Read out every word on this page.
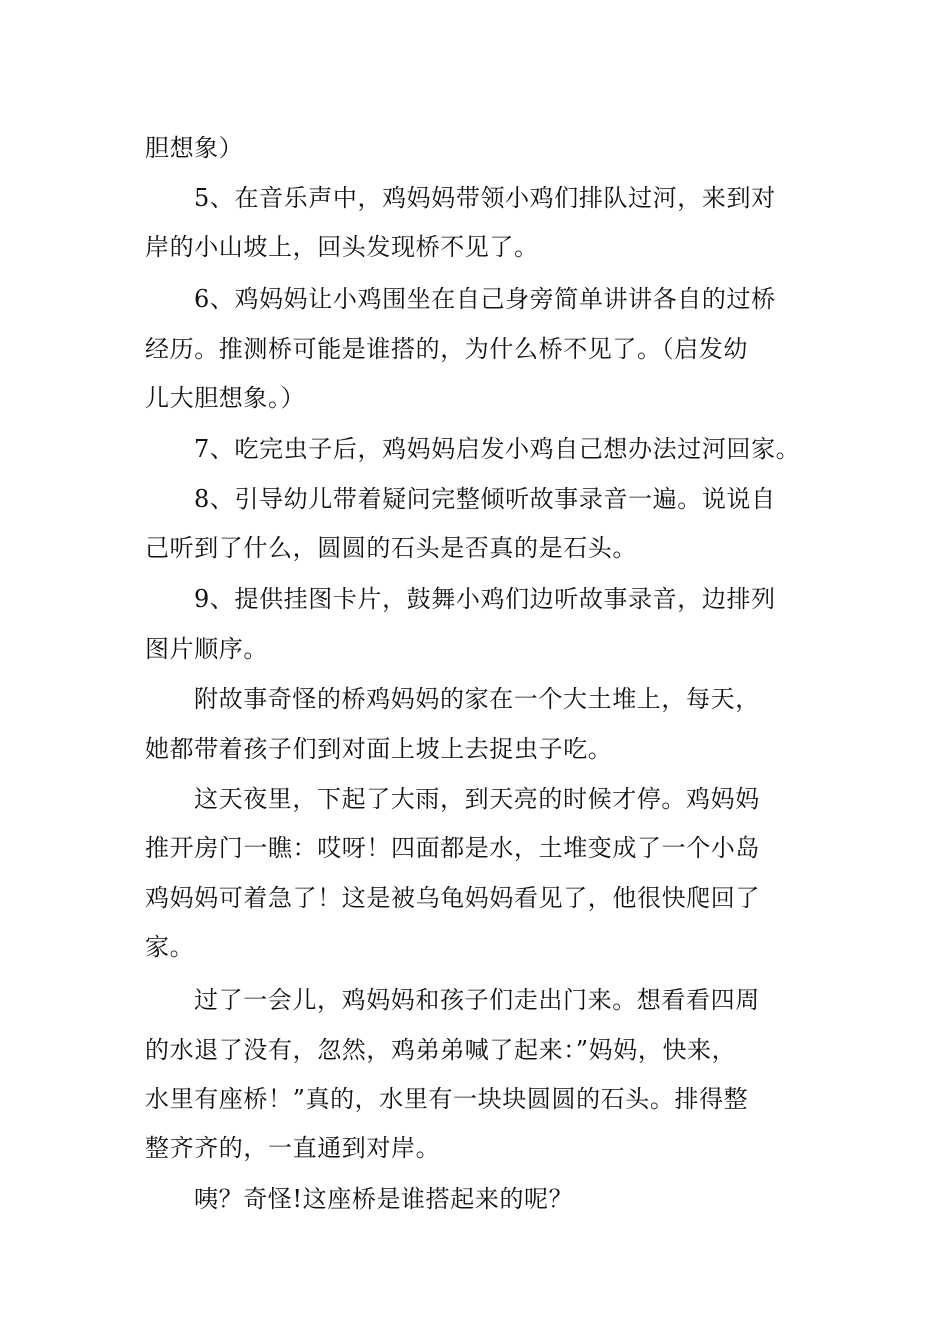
胆想象）
5、在音乐声中，鸡妈妈带领小鸡们排队过河，来到对
岸的小山坡上，回头发现桥不见了。
6、鸡妈妈让小鸡围坐在自己身旁简单讲讲各自的过桥
经历。推测桥可能是谁搭的，为什么桥不见了。（启发幼
儿大胆想象。）
7、吃完虫子后，鸡妈妈启发小鸡自己想办法过河回家。
8、引导幼儿带着疑问完整倾听故事录音一遍。说说自
己听到了什么，圆圆的石头是否真的是石头。
9、提供挂图卡片，鼓舞小鸡们边听故事录音，边排列
图片顺序。
附故事奇怪的桥鸡妈妈的家在一个大土堆上，每天，
她都带着孩子们到对面上坡上去捉虫子吃。
这天夜里，下起了大雨，到天亮的时候才停。鸡妈妈
推开房门一瞧：哎呀！四面都是水，土堆变成了一个小岛
鸡妈妈可着急了！这是被乌龟妈妈看见了，他很快爬回了
家。
过了一会儿，鸡妈妈和孩子们走出门来。想看看四周
的水退了没有，忽然，鸡弟弟喊了起来：”妈妈，快来，
水里有座桥！”真的，水里有一块块圆圆的石头。排得整
整齐齐的，一直通到对岸。
咦？奇怪!这座桥是谁搭起来的呢？
